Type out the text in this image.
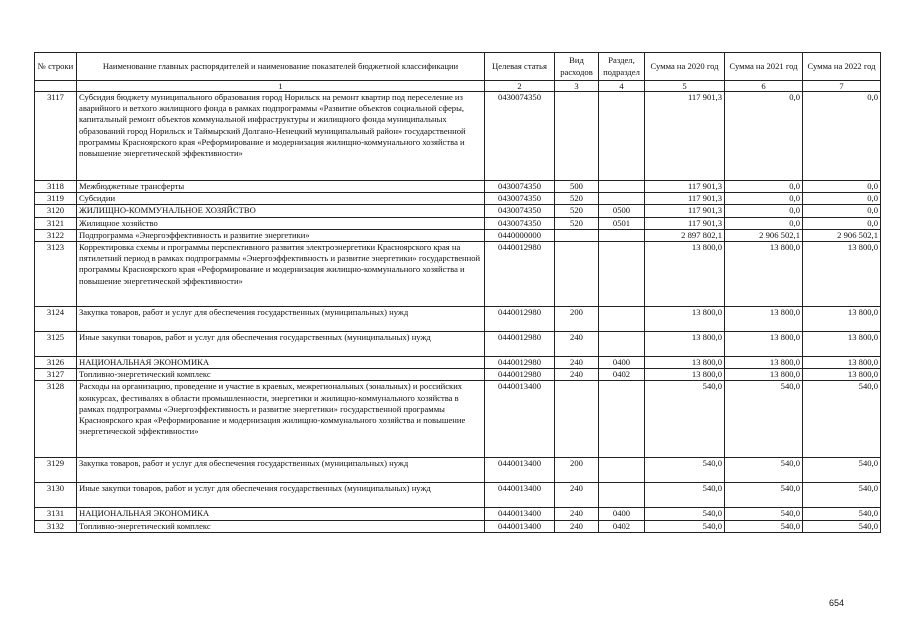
№ строки	Наименование главных распорядителей и наименование показателей бюджетной классификации	Целевая статья	Вид расходов	Раздел, подраздел	Сумма на 2020 год	Сумма на 2021 год	Сумма на 2022 год
	1	2	3	4	5	6	7
3117	Субсидия бюджету муниципального образования город Норильск на ремонт квартир под переселение из аварийного и ветхого жилищного фонда в рамках подпрограммы «Развитие объектов социальной сферы, капитальный ремонт объектов коммунальной инфраструктуры и жилищного фонда муниципальных образований город Норильск и Таймырский Долгано-Ненецкий муниципальный район» государственной программы Красноярского края «Реформирование и модернизация жилищно-коммунального хозяйства и повышение энергетической эффективности»	0430074350			117 901,3	0,0	0,0
3118	Межбюджетные трансферты	0430074350	500		117 901,3	0,0	0,0
3119	Субсидии	0430074350	520		117 901,3	0,0	0,0
3120	ЖИЛИЩНО-КОММУНАЛЬНОЕ ХОЗЯЙСТВО	0430074350	520	0500	117 901,3	0,0	0,0
3121	Жилищное хозяйство	0430074350	520	0501	117 901,3	0,0	0,0
3122	Подпрограмма «Энергоэффективность и развитие энергетики»	0440000000			2 897 802,1	2 906 502,1	2 906 502,1
3123	Корректировка схемы и программы перспективного развития электроэнергетики Красноярского края на пятилетний период в рамках подпрограммы «Энергоэффективность и развитие энергетики» государственной программы Красноярского края «Реформирование и модернизация жилищно-коммунального хозяйства и повышение энергетической эффективности»	0440012980			13 800,0	13 800,0	13 800,0
3124	Закупка товаров, работ и услуг для обеспечения государственных (муниципальных) нужд	0440012980	200		13 800,0	13 800,0	13 800,0
3125	Иные закупки товаров, работ и услуг для обеспечения государственных (муниципальных) нужд	0440012980	240		13 800,0	13 800,0	13 800,0
3126	НАЦИОНАЛЬНАЯ ЭКОНОМИКА	0440012980	240	0400	13 800,0	13 800,0	13 800,0
3127	Топливно-энергетический комплекс	0440012980	240	0402	13 800,0	13 800,0	13 800,0
3128	Расходы на организацию, проведение и участие в краевых, межрегиональных (зональных) и российских конкурсах, фестивалях в области промышленности, энергетики и жилищно-коммунального хозяйства в рамках подпрограммы «Энергоэффективность и развитие энергетики» государственной программы Красноярского края «Реформирование и модернизация жилищно-коммунального хозяйства и повышение энергетической эффективности»	0440013400			540,0	540,0	540,0
3129	Закупка товаров, работ и услуг для обеспечения государственных (муниципальных) нужд	0440013400	200		540,0	540,0	540,0
3130	Иные закупки товаров, работ и услуг для обеспечения государственных (муниципальных) нужд	0440013400	240		540,0	540,0	540,0
3131	НАЦИОНАЛЬНАЯ ЭКОНОМИКА	0440013400	240	0400	540,0	540,0	540,0
3132	Топливно-энергетический комплекс	0440013400	240	0402	540,0	540,0	540,0
654
